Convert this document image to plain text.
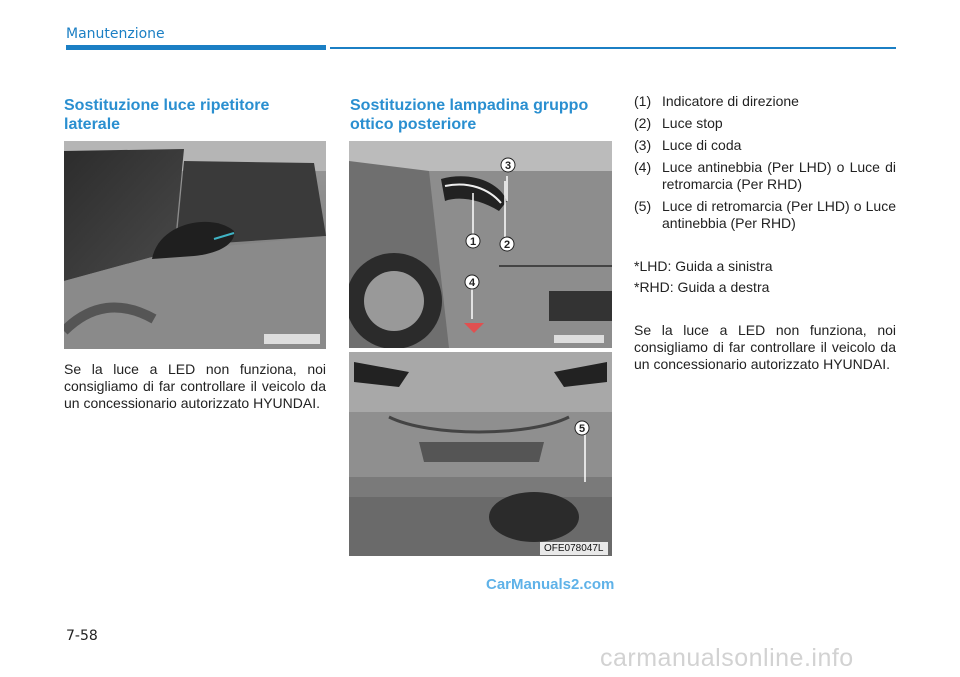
Manutenzione
Sostituzione luce ripetitore laterale
Se la luce a LED non funziona, noi consigliamo di far controllare il veicolo da un concessionario autorizzato HYUNDAI.
Sostituzione lampadina gruppo ottico posteriore
3
1	2
4
5
OFE078047L
(1) Indicatore di direzione
(2) Luce stop
(3) Luce di coda
(4) Luce antinebbia (Per LHD) o Luce di retromarcia (Per RHD)
(5) Luce di retromarcia (Per LHD) o Luce antinebbia (Per RHD)
*LHD: Guida a sinistra
*RHD: Guida a destra
Se la luce a LED non funziona, noi consigliamo di far controllare il veicolo da un concessionario autorizzato HYUNDAI.
CarManuals2.com
7-58
carmanualsonline.info
